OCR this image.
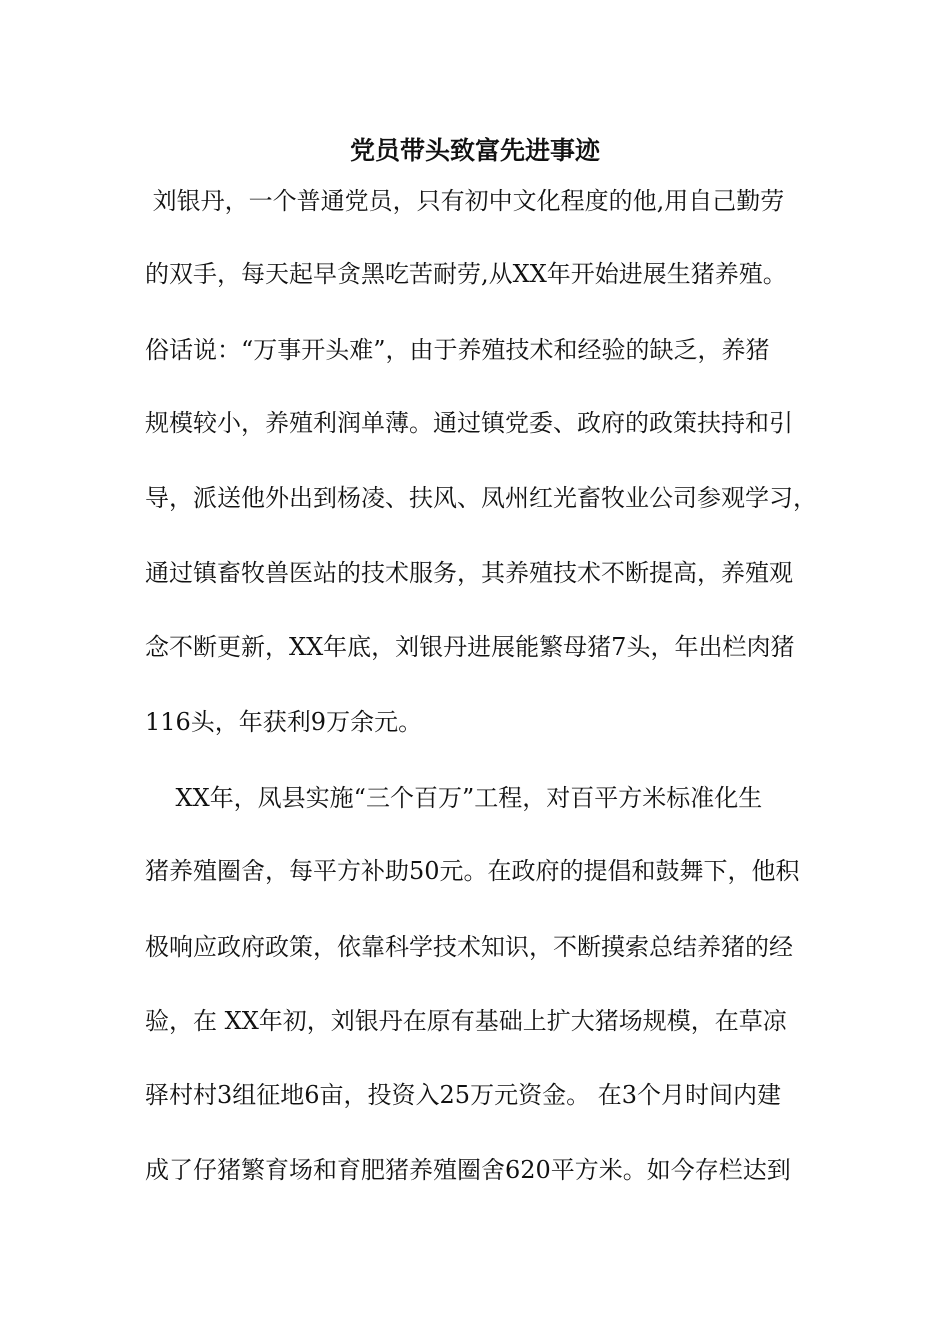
党员带头致富先进事迹
刘银丹，一个普通党员，只有初中文化程度的他,用自己勤劳
的双手，每天起早贪黑吃苦耐劳,从XX年开始进展生猪养殖。
俗话说：“万事开头难”，由于养殖技术和经验的缺乏，养猪
规模较小，养殖利润单薄。通过镇党委、政府的政策扶持和引
导，派送他外出到杨凌、扶风、凤州红光畜牧业公司参观学习，
通过镇畜牧兽医站的技术服务，其养殖技术不断提高，养殖观
念不断更新，XX年底，刘银丹进展能繁母猪7头，年出栏肉猪
116头，年获利9万余元。
XX年，凤县实施“三个百万”工程，对百平方米标准化生
猪养殖圈舍，每平方补助50元。在政府的提倡和鼓舞下，他积
极响应政府政策，依靠科学技术知识，不断摸索总结养猪的经
验，在 XX年初，刘银丹在原有基础上扩大猪场规模，在草凉
驿村村3组征地6亩，投资入25万元资金。 在3个月时间内建
成了仔猪繁育场和育肥猪养殖圈舍620平方米。如今存栏达到
